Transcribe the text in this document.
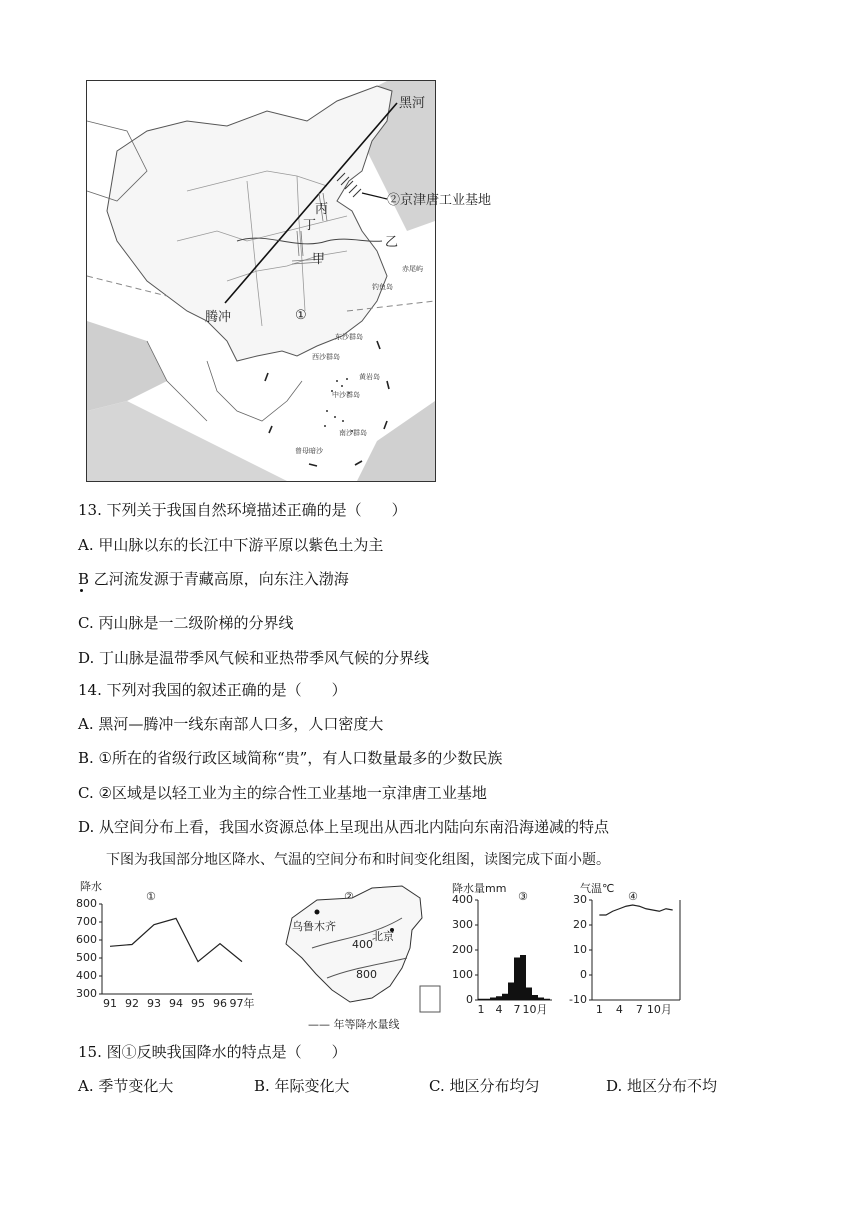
黑河
②京津唐工业基地
腾冲	①
丙
丁
甲
乙
钓鱼岛
赤尾屿
东沙群岛
西沙群岛
黄岩岛
中沙群岛
南沙群岛
曾母暗沙
13. 下列关于我国自然环境描述正确的是（　　）
A. 甲山脉以东的长江中下游平原以紫色土为主
B 乙河流发源于青藏高原，向东注入渤海
C. 丙山脉是一二级阶梯的分界线
D. 丁山脉是温带季风气候和亚热带季风气候的分界线
14. 下列对我国的叙述正确的是（　　）
A. 黑河—腾冲一线东南部人口多，人口密度大
B. ①所在的省级行政区域简称“贵”，有人口数量最多的少数民族
C. ②区域是以轻工业为主的综合性工业基地一京津唐工业基地
D. 从空间分布上看，我国水资源总体上呈现出从西北内陆向东南沿海递减的特点
下图为我国部分地区降水、气温的空间分布和时间变化组图，读图完成下面小题。
降水
①
800
700
600
500
400
300
91 92 93 94 95 96 97年
②
乌鲁木齐
北京
400
800
—— 年等降水量线
降水量mm
③
400
300
200
100
0
1 4 7 10月
气温℃
④
30
20
10
0
-10
1 4 7 10月
15. 图①反映我国降水的特点是（　　）
A. 季节变化大	B. 年际变化大	C. 地区分布均匀	D. 地区分布不均
